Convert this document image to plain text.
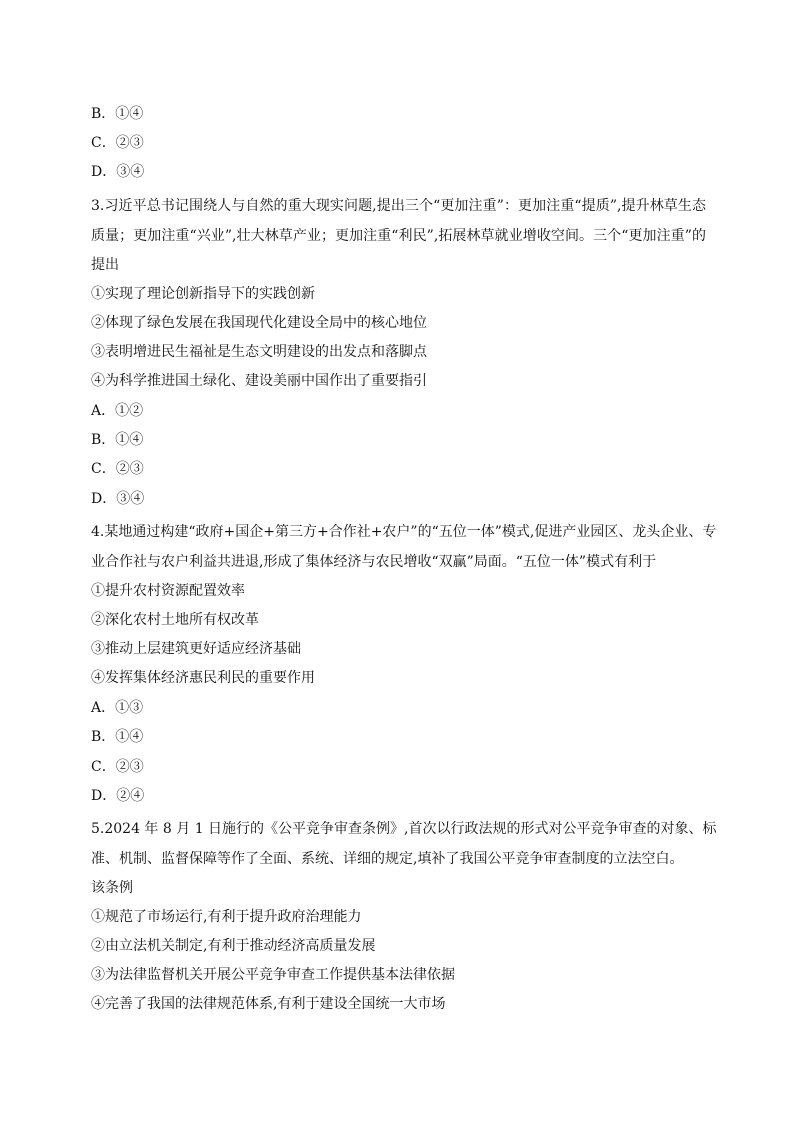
B．①④
C．②③
D．③④
3.习近平总书记围绕人与自然的重大现实问题,提出三个“更加注重”：更加注重“提质”,提升林草生态
质量；更加注重“兴业”,壮大林草产业；更加注重“利民”,拓展林草就业增收空间。三个“更加注重”的
提出
①实现了理论创新指导下的实践创新
②体现了绿色发展在我国现代化建设全局中的核心地位
③表明增进民生福祉是生态文明建设的出发点和落脚点
④为科学推进国土绿化、建设美丽中国作出了重要指引
A．①②
B．①④
C．②③
D．③④
4.某地通过构建“政府+国企+第三方+合作社+农户”的“五位一体”模式,促进产业园区、龙头企业、专
业合作社与农户利益共进退,形成了集体经济与农民增收“双赢”局面。“五位一体”模式有利于
①提升农村资源配置效率
②深化农村土地所有权改革
③推动上层建筑更好适应经济基础
④发挥集体经济惠民利民的重要作用
A．①③
B．①④
C．②③
D．②④
5.2024 年 8 月 1 日施行的《公平竞争审查条例》,首次以行政法规的形式对公平竞争审查的对象、标
准、机制、监督保障等作了全面、系统、详细的规定,填补了我国公平竞争审查制度的立法空白。
该条例
①规范了市场运行,有利于提升政府治理能力
②由立法机关制定,有利于推动经济高质量发展
③为法律监督机关开展公平竞争审查工作提供基本法律依据
④完善了我国的法律规范体系,有利于建设全国统一大市场
